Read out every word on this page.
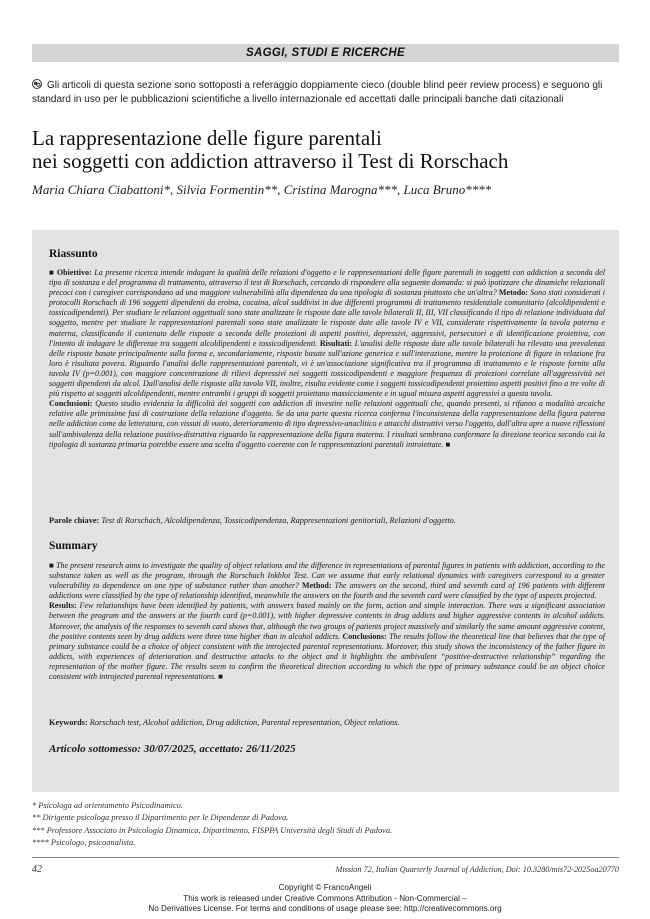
SAGGI, STUDI E RICERCHE
Gli articoli di questa sezione sono sottoposti a referaggio doppiamente cieco (double blind peer review process) e seguono gli standard in uso per le pubblicazioni scientifiche a livello internazionale ed accettati dalle principali banche dati citazionali
La rappresentazione delle figure parentali
nei soggetti con addiction attraverso il Test di Rorschach
Maria Chiara Ciabattoni*, Silvia Formentin**, Cristina Marogna***, Luca Bruno****
Riassunto
■ Obiettivo: La presente ricerca intende indagare la qualità delle relazioni d'oggetto e le rappresentazioni delle figure parentali in soggetti con addiction a seconda del tipo di sostanza e del programma di trattamento, attraverso il test di Rorschach, cercando di rispondere alla seguente domanda: si può ipotizzare che dinamiche relazionali precoci con i caregiver corrispondano ad una maggiore vulnerabilità alla dipendenza da una tipologia di sostanza piuttosto che un'altra? Metodo: Sono stati considerati i protocolli Rorschach di 196 soggetti dipendenti da eroina, cocaina, alcol suddivisi in due differenti programmi di trattamento residenziale comunitario (alcoldipendenti e tossicodipendenti). Per studiare le relazioni oggettuali sono state analizzate le risposte date alle tavole bilaterali II, III, VII classificando il tipo di relazione individuata dal soggetto, mentre per studiare le rappresentazioni parentali sono state analizzate le risposte date alle tavole IV e VII, considerate rispettivamente la tavola paterna e materna, classificando il contenuto delle risposte a seconda delle proiezioni di aspetti positivi, depressivi, aggressivi, persecutori e di identificazione proiettiva, con l'intento di indagare le differenze tra soggetti alcoldipendenti e tossicodipendenti. Risultati: L'analisi delle risposte date alle tavole bilaterali ha rilevato una prevalenza delle risposte basate principalmente sulla forma e, secondariamente, risposte basate sull'azione generica e sull'interazione, mentre la proiezione di figure in relazione fra loro è risultata povera. Riguardo l'analisi delle rappresentazioni parentali, vi è un'associazione significativa tra il programma di trattamento e le risposte fornite alla tavola IV (p=0.001), con maggiore concentrazione di rilievi depressivi nei soggetti tossicodipendenti e maggiore frequenza di proiezioni correlate all'aggressività nei soggetti dipendenti da alcol. Dall'analisi delle risposte alla tavola VII, inoltre, risulta evidente come i soggetti tossicodipendenti proiettino aspetti positivi fino a tre volte di più rispetto ai soggetti alcoldipendenti, mentre entrambi i gruppi di soggetti proiettano massicciamente e in ugual misura aspetti aggressivi a questa tavola.
Conclusioni: Questo studio evidenzia la difficoltà dei soggetti con addiction di investire nelle relazioni oggettuali che, quando presenti, si rifanno a modalità arcaiche relative alle primissime fasi di costruzione della relazione d'oggetto. Se da una parte questa ricerca conferma l'inconsistenza della rappresentazione della figura paterna nelle addiction come da letteratura, con vissuti di vuoto, deterioramento di tipo depressivo-anaclitico e attacchi distruttivi verso l'oggetto, dall'altra apre a nuove riflessioni sull'ambivalenza della relazione positivo-distruttiva riguardo la rappresentazione della figura materna. I risultati sembrano confermare la direzione teorica secondo cui la tipologia di sostanza primaria potrebbe essere una scelta d'oggetto coerente con le rappresentazioni parentali introiettate. ■
Parole chiave: Test di Rorschach, Alcoldipendenza, Tossicodipendenza, Rappresentazioni genitoriali, Relazioni d'oggetto.
Summary
■ The present research aims to investigate the quality of object relations and the difference in representations of parental figures in patients with addiction, according to the substance taken as well as the program, through the Rorschach Inkblot Test. Can we assume that early relational dynamics with caregivers correspond to a greater vulnerability to dependence on one type of substance rather than another? Method: The answers on the second, third and seventh card of 196 patients with different addictions were classified by the type of relationship identified, meanwhile the answers on the fourth and the seventh card were classified by the type of aspects projected.
Results: Few relationships have been identified by patients, with answers based mainly on the form, action and simple interaction. There was a significant association between the program and the answers at the fourth card (p=0.001), with higher depressive contents in drug addicts and higher aggressive contents in alcohol addicts. Moreover, the analysis of the responses to seventh card shows that, although the two groups of patients project massively and similarly the same amount aggressive content, the positive contents seen by drug addicts were three time higher than in alcohol addicts. Conclusions: The results follow the theoretical line that believes that the type of primary substance could be a choice of object consistent with the introjected parental representations. Moreover, this study shows the inconsistency of the father figure in addicts, with experiences of deterioration and destructive attacks to the object and it highlights the ambivalent “positive-destructive relationship” regarding the representation of the mother figure. The results seem to confirm the theoretical direction according to which the type of primary substance could be an object choice consistent with introjected parental representations. ■
Keywords: Rorschach test, Alcohol addiction, Drug addiction, Parental representation, Object relations.
Articolo sottomesso: 30/07/2025, accettato: 26/11/2025
* Psicologa ad orientamento Psicodinamico.
** Dirigente psicologa presso il Dipartimento per le Dipendenze di Padova.
*** Professore Associato in Psicologia Dinamica, Dipartimento, FISPPA Università degli Studi di Padova.
**** Psicologo, psicoanalista.
42	Mission 72, Italian Quarterly Journal of Addiction, Doi: 10.3280/mis72-2025oa20770
Copyright © FrancoAngeli
This work is released under Creative Commons Attribution - Non-Commercial –
No Derivatives License. For terms and conditions of usage please see: http://creativecommons.org
